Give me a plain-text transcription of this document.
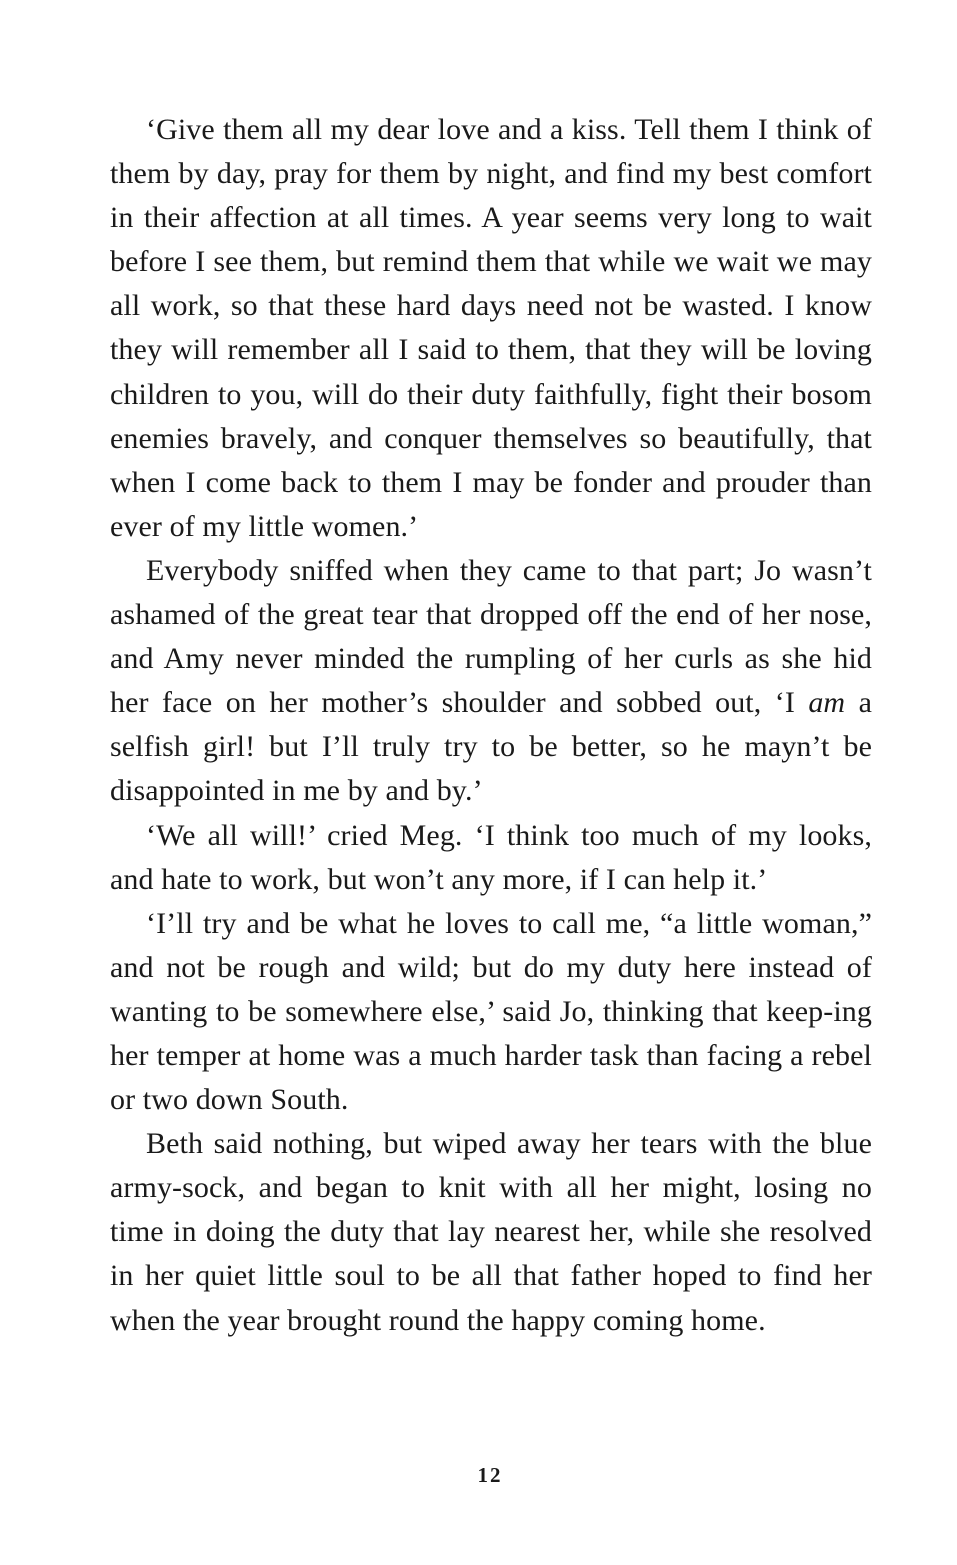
‘Give them all my dear love and a kiss. Tell them I think of them by day, pray for them by night, and find my best comfort in their affection at all times. A year seems very long to wait before I see them, but remind them that while we wait we may all work, so that these hard days need not be wasted. I know they will remember all I said to them, that they will be loving children to you, will do their duty faithfully, fight their bosom enemies bravely, and conquer themselves so beautifully, that when I come back to them I may be fonder and prouder than ever of my little women.’

Everybody sniffed when they came to that part; Jo wasn’t ashamed of the great tear that dropped off the end of her nose, and Amy never minded the rumpling of her curls as she hid her face on her mother’s shoulder and sobbed out, ‘I am a selfish girl! but I’ll truly try to be better, so he mayn’t be disappointed in me by and by.’

‘We all will!’ cried Meg. ‘I think too much of my looks, and hate to work, but won’t any more, if I can help it.’

‘I’ll try and be what he loves to call me, “a little woman,” and not be rough and wild; but do my duty here instead of wanting to be somewhere else,’ said Jo, thinking that keep-ing her temper at home was a much harder task than facing a rebel or two down South.

Beth said nothing, but wiped away her tears with the blue army-sock, and began to knit with all her might, losing no time in doing the duty that lay nearest her, while she resolved in her quiet little soul to be all that father hoped to find her when the year brought round the happy coming home.

12
